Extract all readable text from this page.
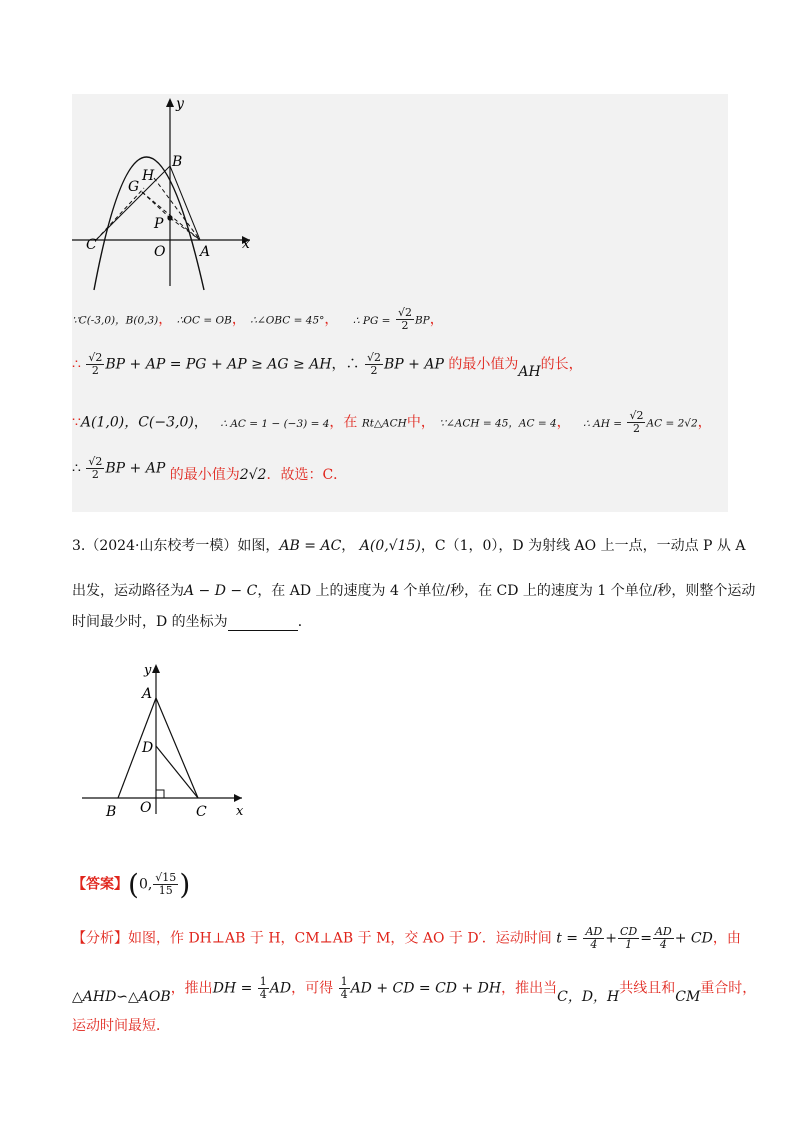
y
x
B
H
G
P
C	O A
∵C(-3,0)，B(0,3)， ∴OC = OB， ∴∠OBC = 45°， ∴ PG = $\frac{√2}{2}$ BP，
∴ $\frac{√2}{2}$ BP + AP = PG + AP ≥ AG ≥ AH，∴ $\frac{√2}{2}$ BP + AP 的最小值为AH的长，
∵A(1,0)，C(−3,0)， ∴ AC = 1 − (−3) = 4，在 Rt△ACH中， ∵∠ACH = 45，AC = 4， ∴ AH = $\frac{√2}{2}$ AC = 2√2，
∴ $\frac{√2}{2}$ BP + AP 的最小值为2√2．故选：C．
3.（2024·山东校考一模）如图，AB = AC， A(0,√15)，C（1，0），D 为射线 AO 上一点，一动点 P 从 A
出发，运动路径为A − D − C，在 AD 上的速度为 4 个单位/秒，在 CD 上的速度为 1 个单位/秒，则整个运动
时间最少时，D 的坐标为	．
y
x
A
D
B O	C
【答案】(0, $\frac{√15}{15}$ )
【分析】如图，作 DH⊥AB 于 H，CM⊥AB 于 M，交 AO 于 D′．运动时间 $t = \frac{AD}{4} + \frac{CD}{1} = \frac{AD}{4}$ + CD，由
△AHD∽△AOB，推出DH = $\frac{1}{4}$ AD，可得 $\frac{1}{4}$ AD + CD = CD + DH，推出当C，D，H共线且和CM重合时，
运动时间最短．
